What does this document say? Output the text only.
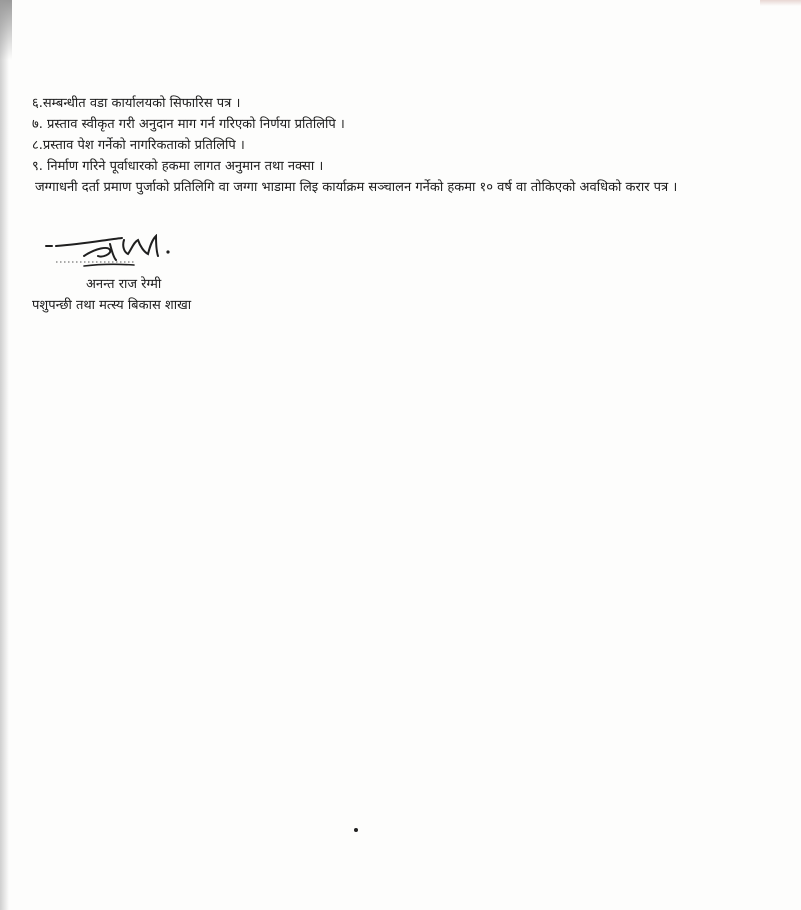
६.सम्बन्धीत वडा कार्यालयको सिफारिस पत्र ।

७. प्रस्ताव स्वीकृत गरी अनुदान माग गर्न गरिएको निर्णया प्रतिलिपि ।

८.प्रस्ताव पेश गर्नेको नागरिकताको प्रतिलिपि ।

९. निर्माण गरिने पूर्वाधारको हकमा लागत अनुमान तथा नक्सा ।

जग्गाधनी दर्ता प्रमाण पुर्जाको प्रतिलिगि वा जग्गा भाडामा लिइ कार्याक्रम सञ्चालन गर्नेको हकमा १० वर्ष वा तोकिएको अवधिको करार पत्र ।

अनन्त राज रेग्मी
पशुपन्छी तथा मत्स्य बिकास शाखा
